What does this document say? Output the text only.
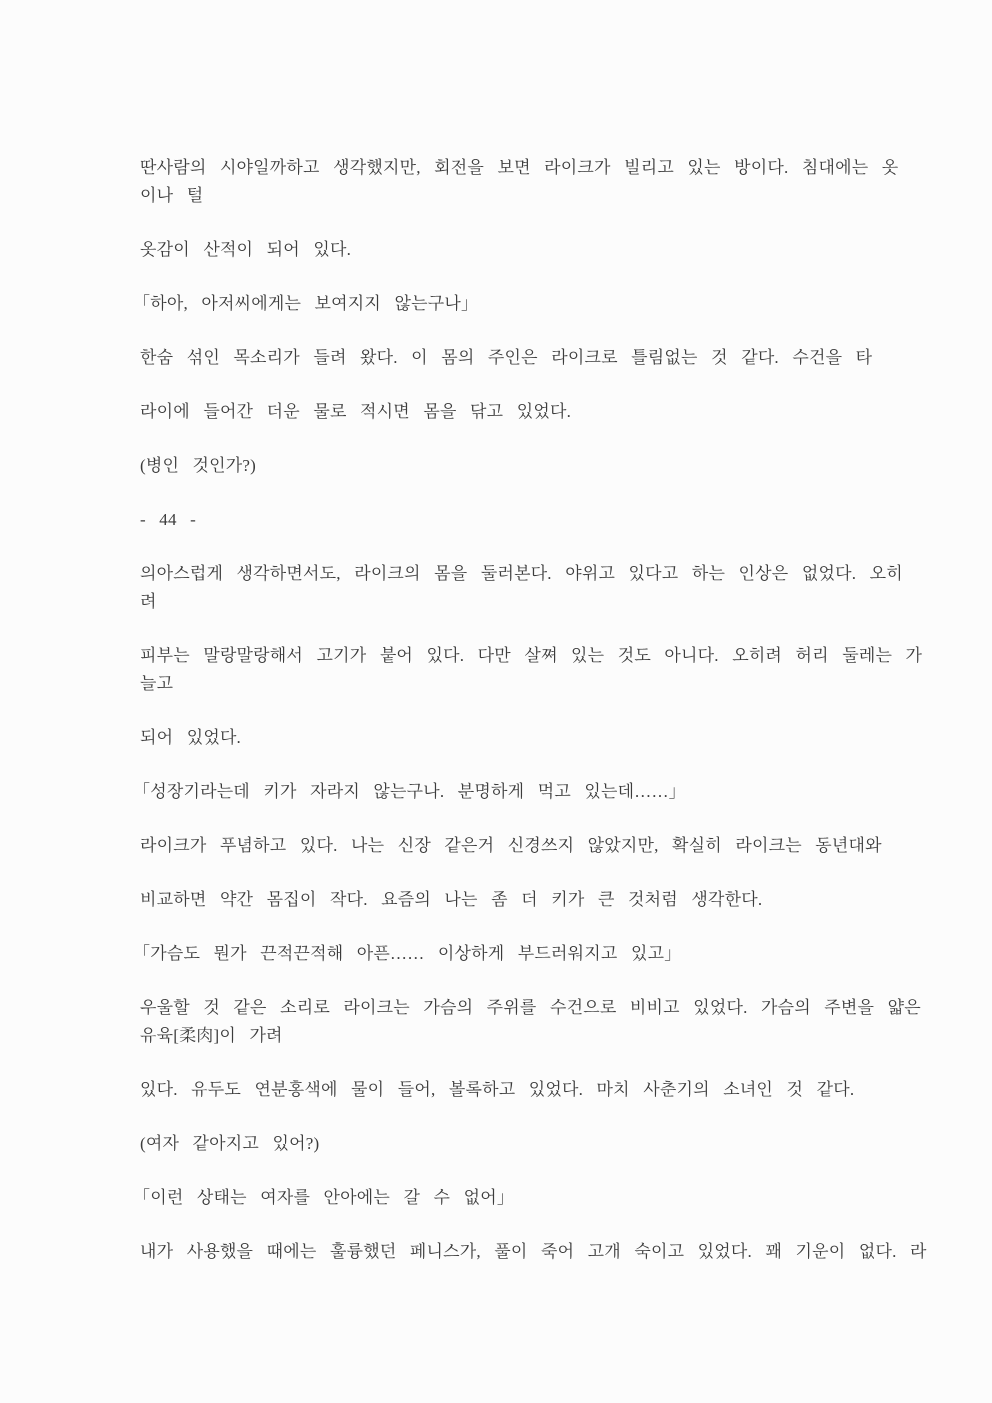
딴사람의 시야일까하고 생각했지만, 회전을 보면 라이크가 빌리고 있는 방이다. 침대에는 옷
이나 털
옷감이 산적이 되어 있다.
「하아, 아저씨에게는 보여지지 않는구나」
한숨 섞인 목소리가 들려 왔다. 이 몸의 주인은 라이크로 틀림없는 것 같다. 수건을 타
라이에 들어간 더운 물로 적시면 몸을 닦고 있었다.
(병인 것인가?)
- 44 -
의아스럽게 생각하면서도, 라이크의 몸을 둘러본다. 야위고 있다고 하는 인상은 없었다. 오히
려
피부는 말랑말랑해서 고기가 붙어 있다. 다만 살쪄 있는 것도 아니다. 오히려 허리 둘레는 가
늘고
되어 있었다.
「성장기라는데 키가 자라지 않는구나. 분명하게 먹고 있는데……」
라이크가 푸념하고 있다. 나는 신장 같은거 신경쓰지 않았지만, 확실히 라이크는 동년대와
비교하면 약간 몸집이 작다. 요즘의 나는 좀 더 키가 큰 것처럼 생각한다.
「가슴도 뭔가 끈적끈적해 아픈…… 이상하게 부드러워지고 있고」
우울할 것 같은 소리로 라이크는 가슴의 주위를 수건으로 비비고 있었다. 가슴의 주변을 얇은
유육[柔肉]이 가려
있다. 유두도 연분홍색에 물이 들어, 볼록하고 있었다. 마치 사춘기의 소녀인 것 같다.
(여자 같아지고 있어?)
「이런 상태는 여자를 안아에는 갈 수 없어」
내가 사용했을 때에는 훌륭했던 페니스가, 풀이 죽어 고개 숙이고 있었다. 꽤 기운이 없다. 라
